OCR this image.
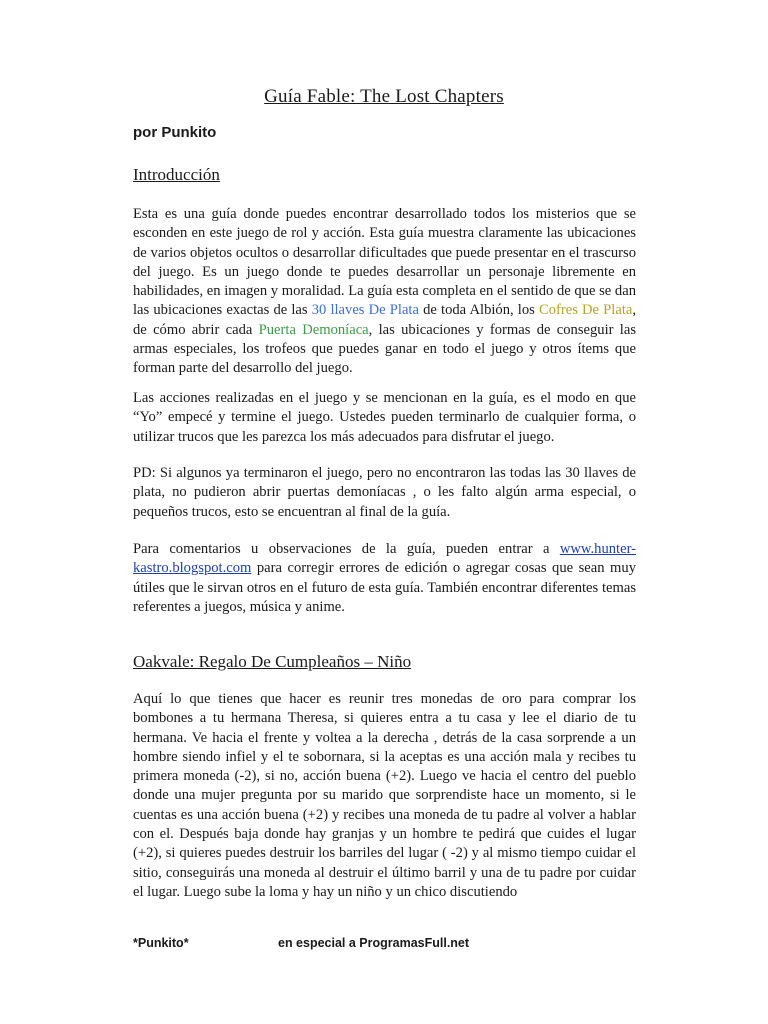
Guía Fable: The Lost Chapters
por Punkito
Introducción
Esta es una guía donde puedes encontrar desarrollado todos los misterios que se esconden en este juego de rol y acción. Esta guía muestra claramente las ubicaciones de varios objetos ocultos o desarrollar dificultades que puede presentar en el trascurso del juego. Es un juego donde te puedes desarrollar un personaje libremente en habilidades, en imagen y moralidad. La guía esta completa en el sentido de que se dan las ubicaciones exactas de las 30 llaves De Plata de toda Albión, los Cofres De Plata, de cómo abrir cada Puerta Demoníaca, las ubicaciones y formas de conseguir las armas especiales, los trofeos que puedes ganar en todo el juego y otros ítems que forman parte del desarrollo del juego.
Las acciones realizadas en el juego y se mencionan en la guía, es el modo en que “Yo” empecé y termine el juego. Ustedes pueden terminarlo de cualquier forma, o utilizar trucos que les parezca los más adecuados para disfrutar el juego.
PD: Si algunos ya terminaron el juego, pero no encontraron las todas las 30 llaves de plata, no pudieron abrir puertas demoníacas , o les falto algún arma especial, o pequeños trucos, esto se encuentran al final de la guía.
Para comentarios u observaciones de la guía, pueden entrar a www.hunter-kastro.blogspot.com para corregir errores de edición o agregar cosas que sean muy útiles que le sirvan otros en el futuro de esta guía. También encontrar diferentes temas referentes a juegos, música y anime.
Oakvale: Regalo De Cumpleaños – Niño
Aquí lo que tienes que hacer es reunir tres monedas de oro para comprar los bombones a tu hermana Theresa, si quieres entra a tu casa y lee el diario de tu hermana. Ve hacia el frente y voltea a la derecha , detrás de la casa sorprende a un hombre siendo infiel y el te sobornara, si la aceptas es una acción mala y recibes tu primera moneda (-2), si no, acción buena (+2). Luego ve hacia el centro del pueblo donde una mujer pregunta por su marido que sorprendiste hace un momento, si le cuentas es una acción buena (+2) y recibes una moneda de tu padre al volver a hablar con el. Después baja donde hay granjas y un hombre te pedirá que cuides el lugar (+2), si quieres puedes destruir los barriles del lugar ( -2) y al mismo tiempo cuidar el sitio, conseguirás una moneda al destruir el último barril y una de tu padre por cuidar el lugar. Luego sube la loma y hay un niño y un chico discutiendo
*Punkito*	en especial a ProgramasFull.net
